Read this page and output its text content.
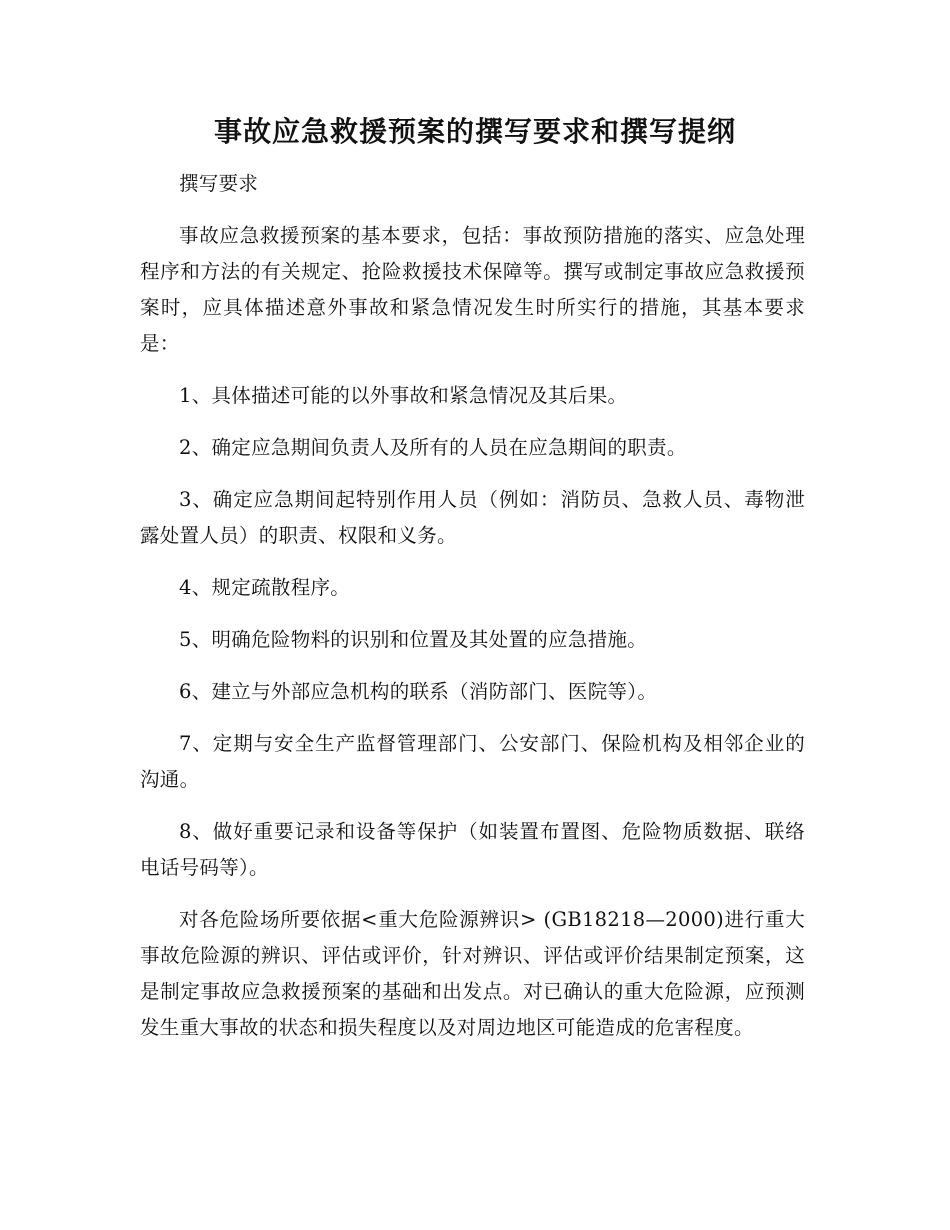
事故应急救援预案的撰写要求和撰写提纲

撰写要求

事故应急救援预案的基本要求，包括：事故预防措施的落实、应急处理程序和方法的有关规定、抢险救援技术保障等。撰写或制定事故应急救援预案时，应具体描述意外事故和紧急情况发生时所实行的措施，其基本要求是：

1、具体描述可能的以外事故和紧急情况及其后果。

2、确定应急期间负责人及所有的人员在应急期间的职责。

3、确定应急期间起特别作用人员（例如：消防员、急救人员、毒物泄露处置人员）的职责、权限和义务。

4、规定疏散程序。

5、明确危险物料的识别和位置及其处置的应急措施。

6、建立与外部应急机构的联系（消防部门、医院等）。

7、定期与安全生产监督管理部门、公安部门、保险机构及相邻企业的沟通。

8、做好重要记录和设备等保护（如装置布置图、危险物质数据、联络电话号码等）。

对各危险场所要依据<重大危险源辨识> (GB18218—2000)进行重大事故危险源的辨识、评估或评价，针对辨识、评估或评价结果制定预案，这是制定事故应急救援预案的基础和出发点。对已确认的重大危险源，应预测发生重大事故的状态和损失程度以及对周边地区可能造成的危害程度。
